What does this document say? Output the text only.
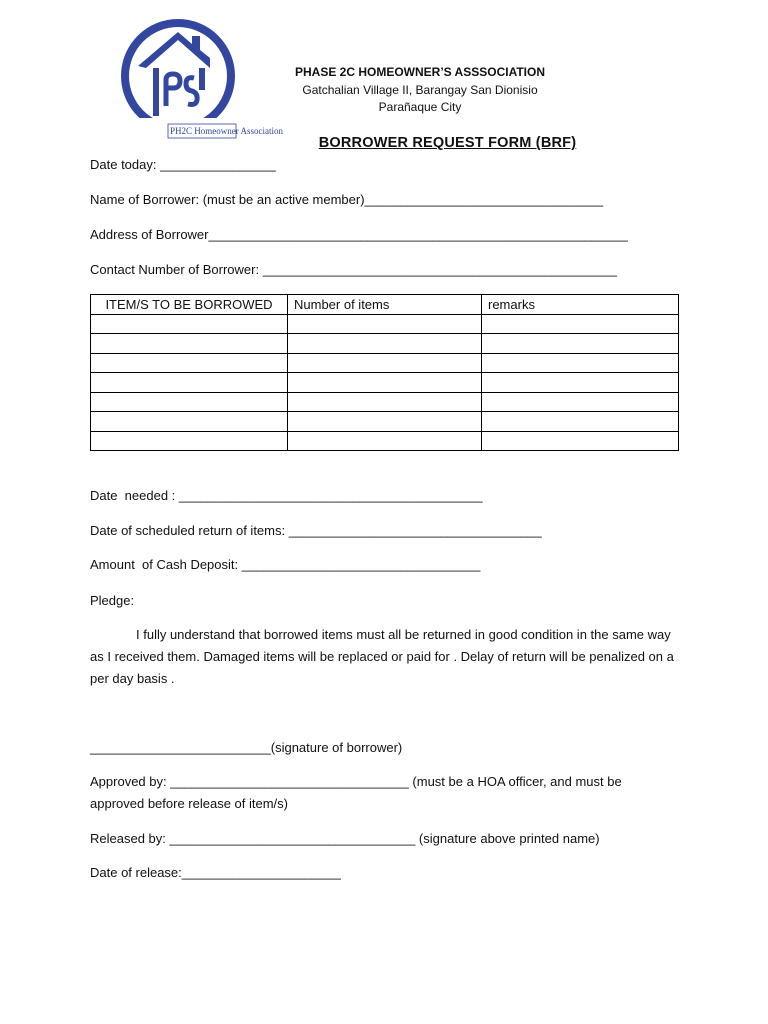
PH2C Homeowner Association
PHASE 2C HOMEOWNER’S ASSSOCIATION
Gatchalian Village II, Barangay San Dionisio
Parañaque City
BORROWER REQUEST FORM (BRF)
Date today: ________________
Name of Borrower: (must be an active member)_________________________________
Address of Borrower__________________________________________________________
Contact Number of Borrower: _________________________________________________
ITEM/S TO BE BORROWED	Number of items	remarks

Date  needed : __________________________________________
Date of scheduled return of items: ___________________________________
Amount  of Cash Deposit: _________________________________
Pledge:
I fully understand that borrowed items must all be returned in good condition in the same way as I received them. Damaged items will be replaced or paid for . Delay of return will be penalized on a per day basis .
_________________________(signature of borrower)
Approved by: _________________________________ (must be a HOA officer, and must be
approved before release of item/s)
Released by: __________________________________ (signature above printed name)
Date of release:______________________
